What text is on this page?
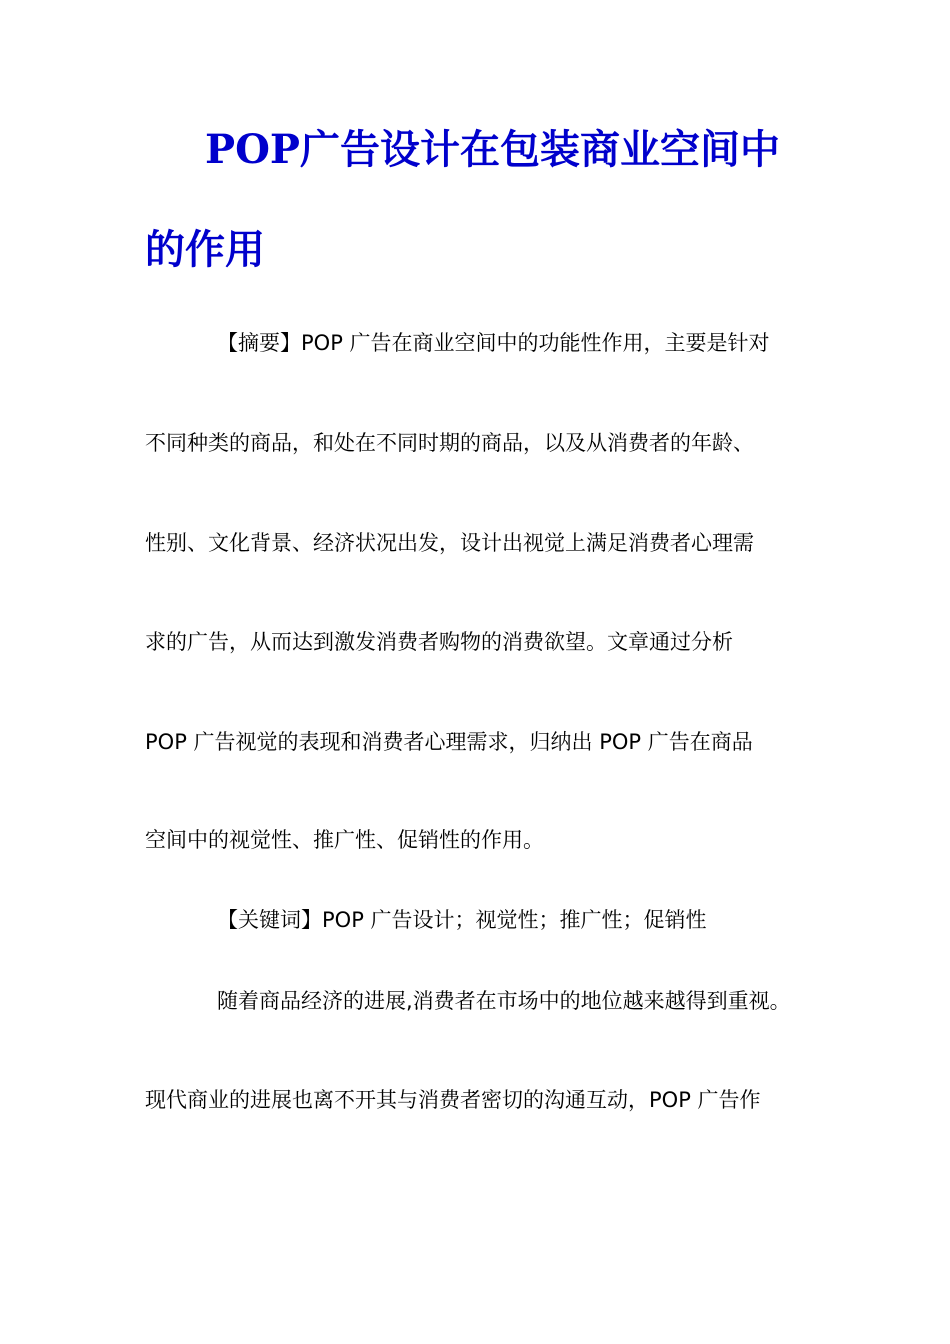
POP广告设计在包装商业空间中
的作用

【摘要】POP 广告在商业空间中的功能性作用，主要是针对

不同种类的商品，和处在不同时期的商品，以及从消费者的年龄、

性别、文化背景、经济状况出发，设计出视觉上满足消费者心理需

求的广告，从而达到激发消费者购物的消费欲望。文章通过分析

POP 广告视觉的表现和消费者心理需求，归纳出 POP 广告在商品

空间中的视觉性、推广性、促销性的作用。

【关键词】POP 广告设计；视觉性；推广性；促销性

随着商品经济的进展,消费者在市场中的地位越来越得到重视。

现代商业的进展也离不开其与消费者密切的沟通互动，POP 广告作
